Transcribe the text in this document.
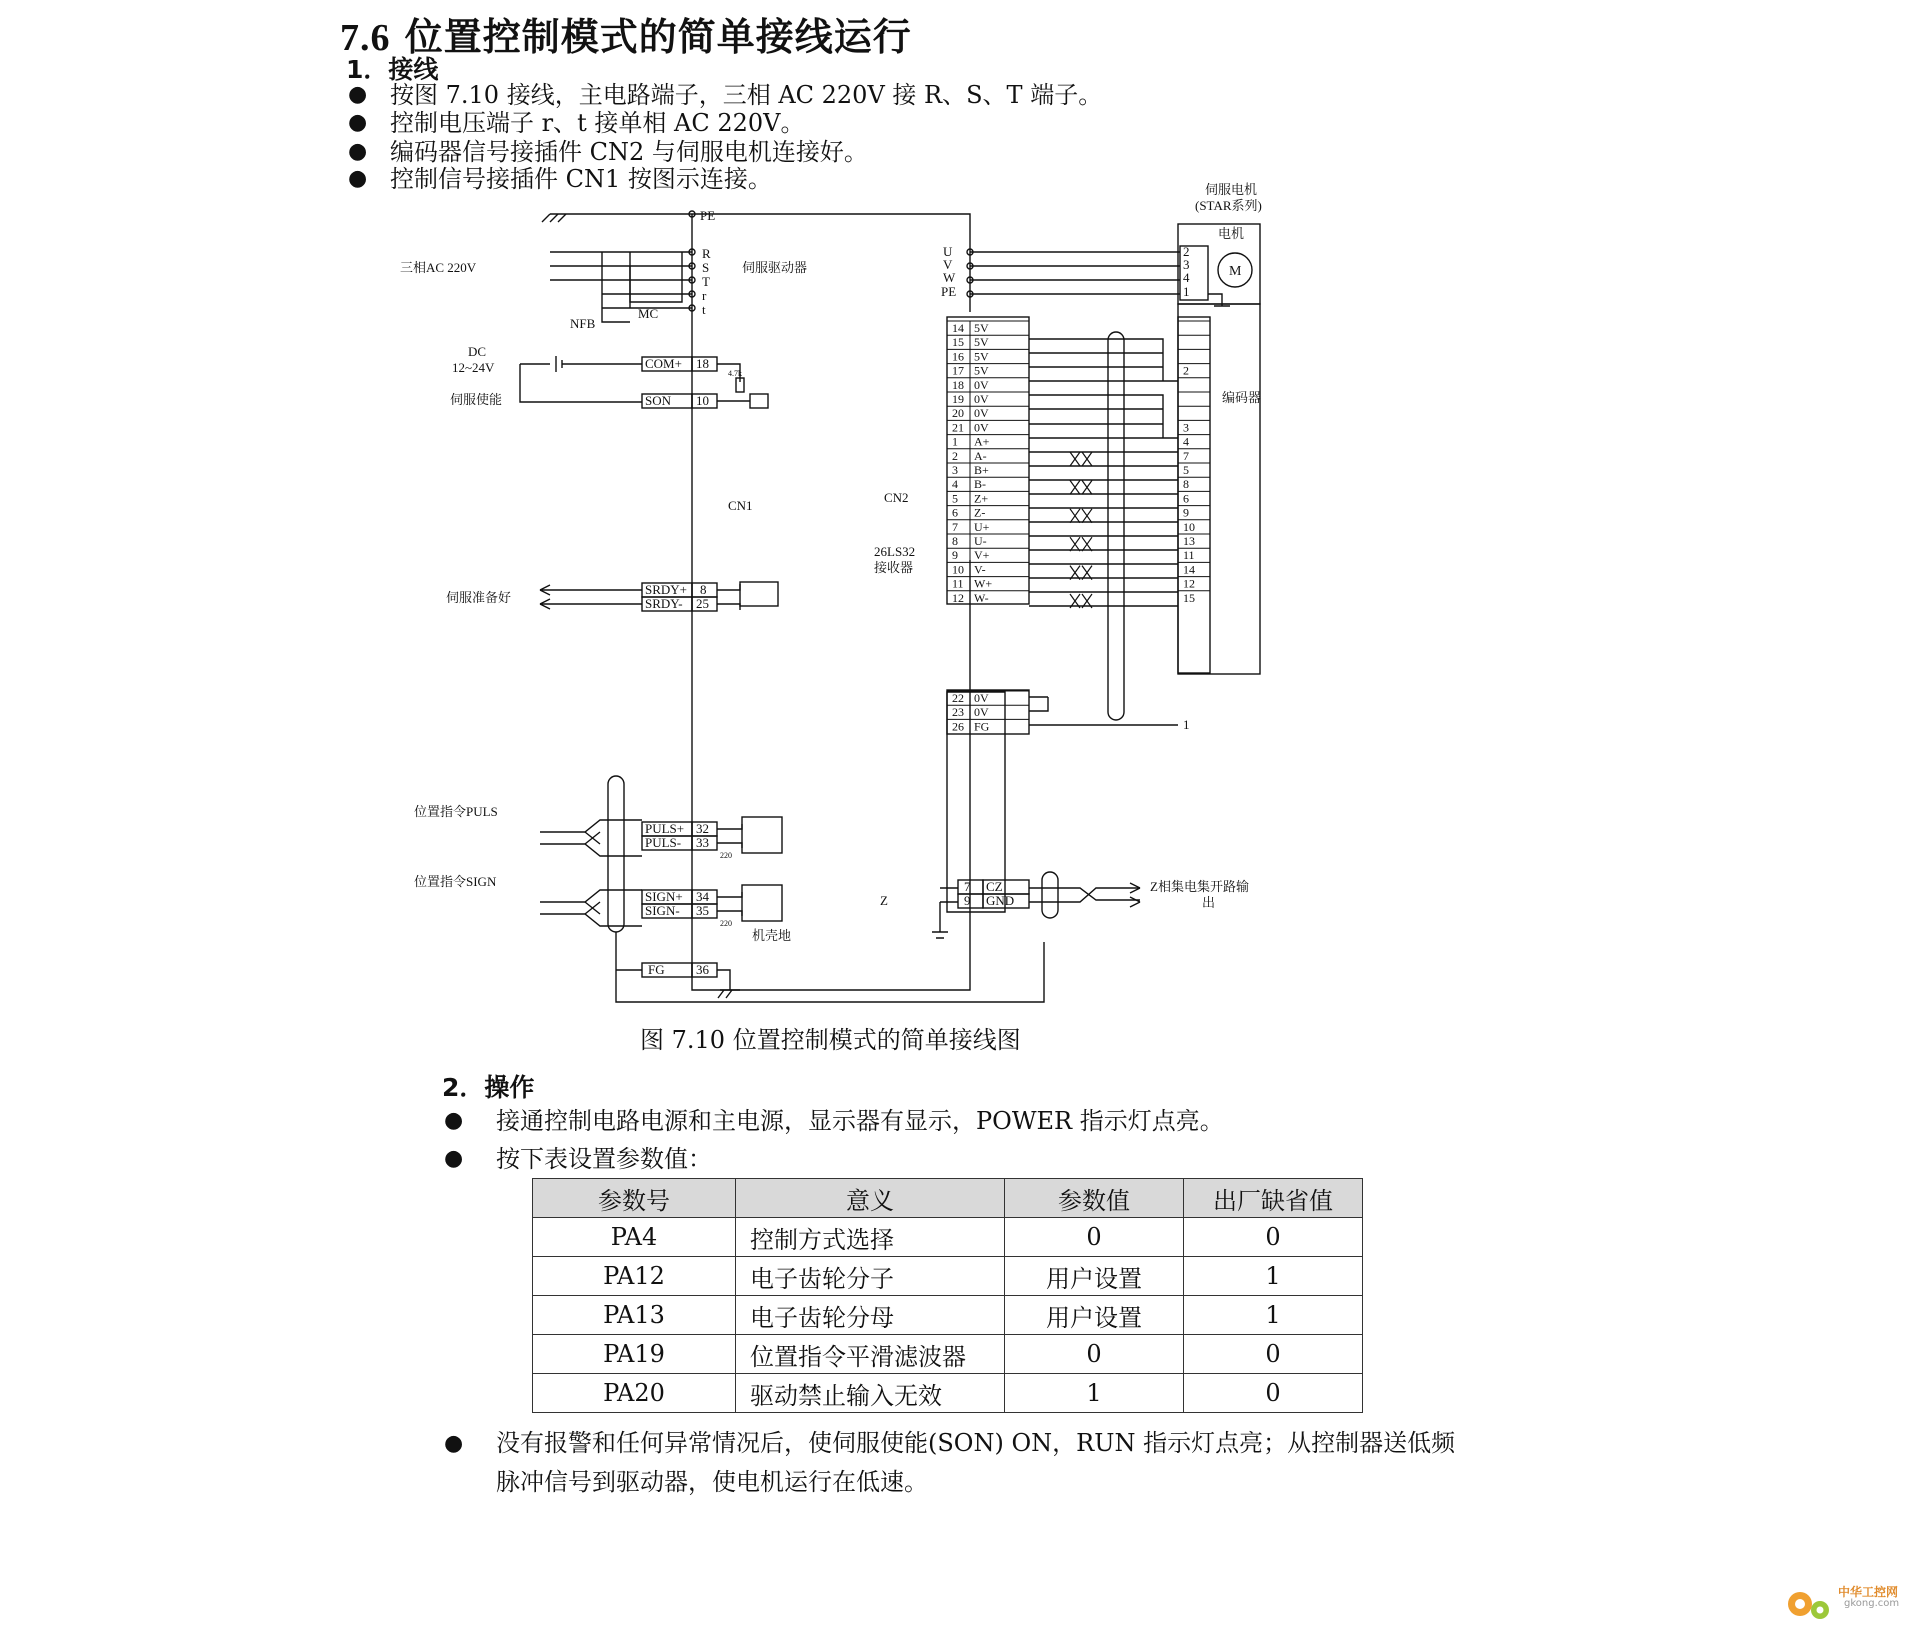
7.6 位置控制模式的简单接线运行
1．接线
● 按图 7.10 接线，主电路端子，三相 AC 220V 接 R、S、T 端子。
● 控制电压端子 r、t 接单相 AC 220V。
● 编码器信号接插件 CN2 与伺服电机连接好。
● 控制信号接插件 CN1 按图示连接。
三相AC 220V
NFB
MC
PE
R
S
T
r
t
伺服驱动器
DC
12~24V
伺服使能
COM+ 18
SON 10
4.7k
CN1
CN2
26LS32
接收器
伺服准备好
SRDY+ 8
SRDY- 25
位置指令PULS
PULS+ 32
PULS- 33
220
位置指令SIGN
SIGN+ 34
SIGN- 35
220
FG 36
机壳地
伺服电机
(STAR系列)
电机
M
U
V
W
PE
2
3
4
1
编码器
Z
7 CZ
9 GND
Z相集电集开路输
出
1
14 5V
15 5V
16 5V
17 5V
18 0V
19 0V
20 0V
21 0V
1 A+
2 A-
3 B+
4 B-
5 Z+
6 Z-
7 U+
8 U-
9 V+
10 V-
11 W+
12 W-
22 0V
23 0V
26 FG
2
3
4
7
5
8
6
9
10
13
11
14
12
15
图 7.10 位置控制模式的简单接线图
2．操作
● 接通控制电路电源和主电源，显示器有显示，POWER 指示灯点亮。
● 按下表设置参数值：
参数号	意义	参数值	出厂缺省值
PA4	控制方式选择	0	0
PA12	电子齿轮分子	用户设置	1
PA13	电子齿轮分母	用户设置	1
PA19	位置指令平滑滤波器	0	0
PA20	驱动禁止输入无效	1	0
● 没有报警和任何异常情况后，使伺服使能(SON) ON，RUN 指示灯点亮；从控制器送低频脉冲信号到驱动器，使电机运行在低速。
中华工控网
gkong.com
